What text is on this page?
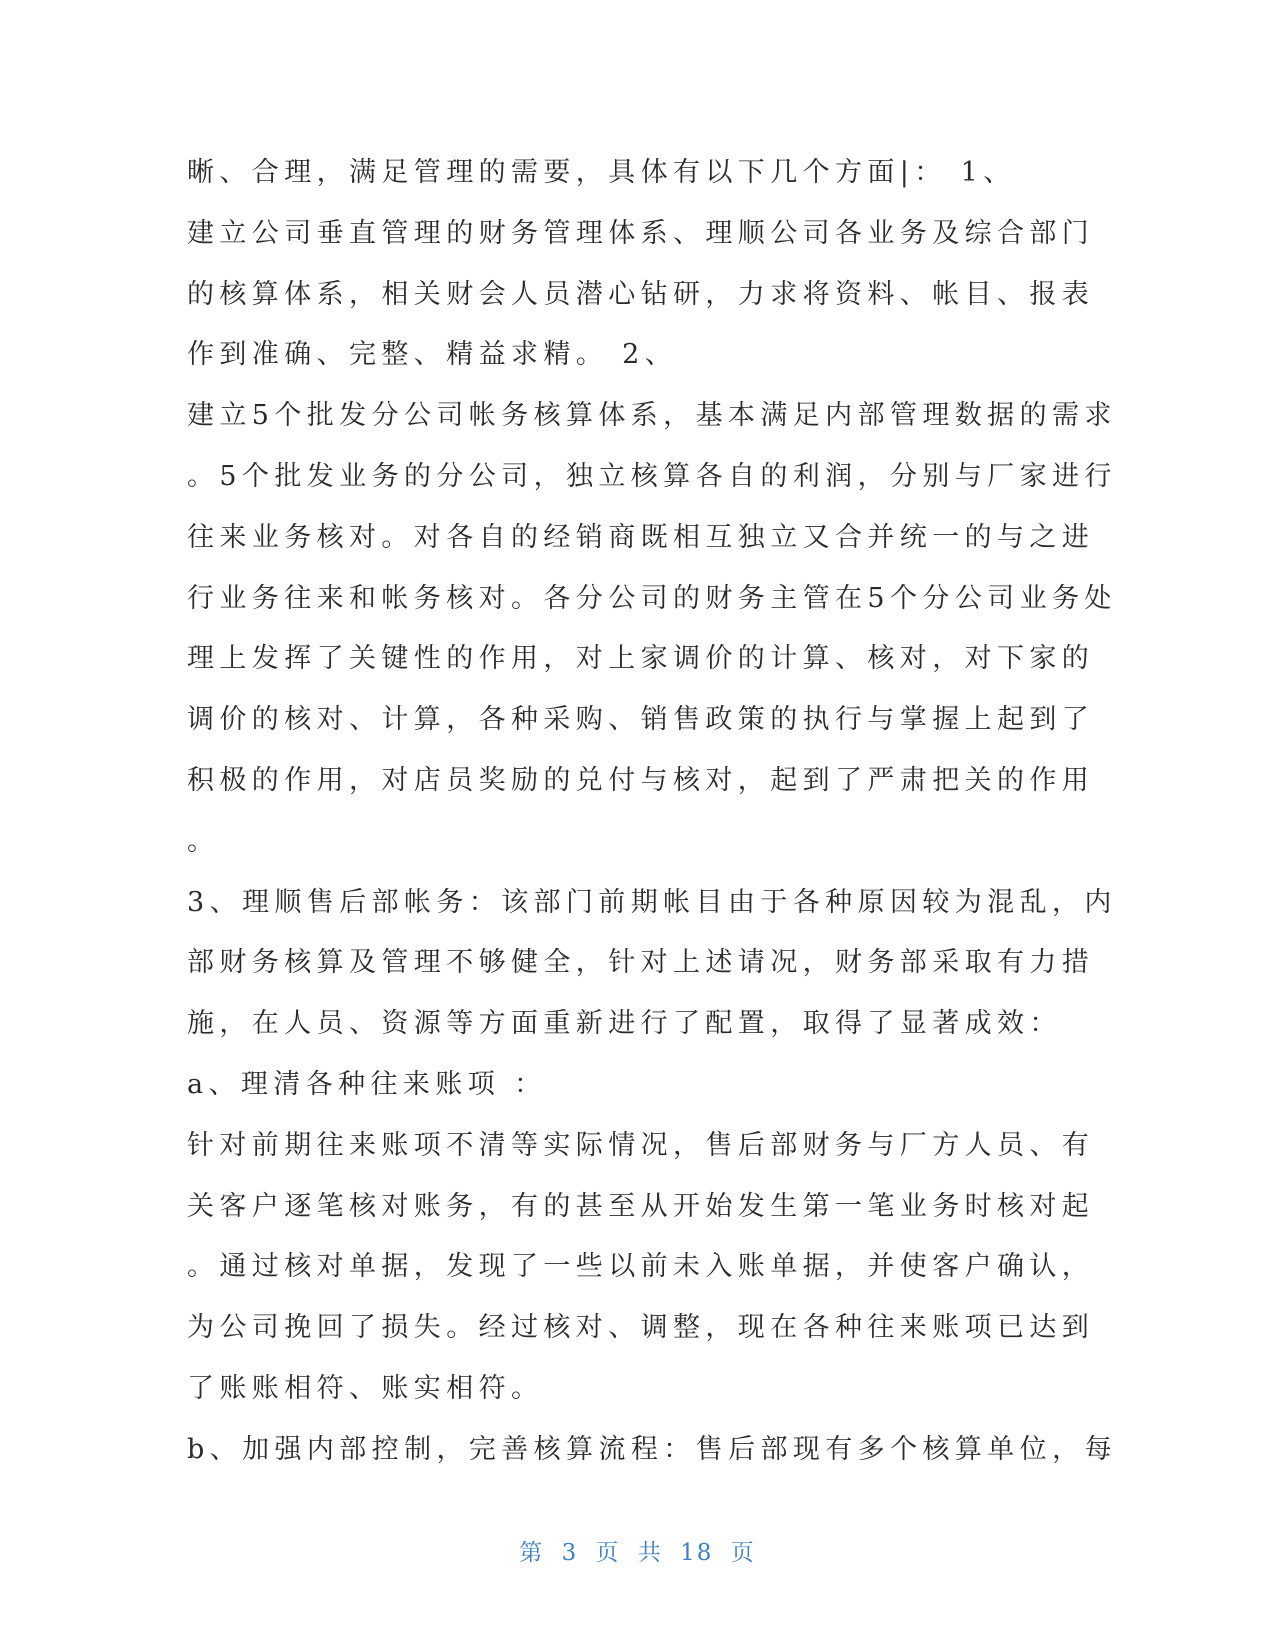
晰、合理，满足管理的需要，具体有以下几个方面|： 1、
建立公司垂直管理的财务管理体系、理顺公司各业务及综合部门
的核算体系，相关财会人员潜心钻研，力求将资料、帐目、报表
作到准确、完整、精益求精。 2、
建立5个批发分公司帐务核算体系，基本满足内部管理数据的需求
。5个批发业务的分公司，独立核算各自的利润，分别与厂家进行
往来业务核对。对各自的经销商既相互独立又合并统一的与之进
行业务往来和帐务核对。各分公司的财务主管在5个分公司业务处
理上发挥了关键性的作用，对上家调价的计算、核对，对下家的
调价的核对、计算，各种采购、销售政策的执行与掌握上起到了
积极的作用，对店员奖励的兑付与核对，起到了严肃把关的作用
。
3、理顺售后部帐务：该部门前期帐目由于各种原因较为混乱，内
部财务核算及管理不够健全，针对上述请况，财务部采取有力措
施，在人员、资源等方面重新进行了配置，取得了显著成效：
a、理清各种往来账项 ：
针对前期往来账项不清等实际情况，售后部财务与厂方人员、有
关客户逐笔核对账务，有的甚至从开始发生第一笔业务时核对起
。通过核对单据，发现了一些以前未入账单据，并使客户确认，
为公司挽回了损失。经过核对、调整，现在各种往来账项已达到
了账账相符、账实相符。
b、加强内部控制，完善核算流程：售后部现有多个核算单位，每
第 3 页 共 18 页
